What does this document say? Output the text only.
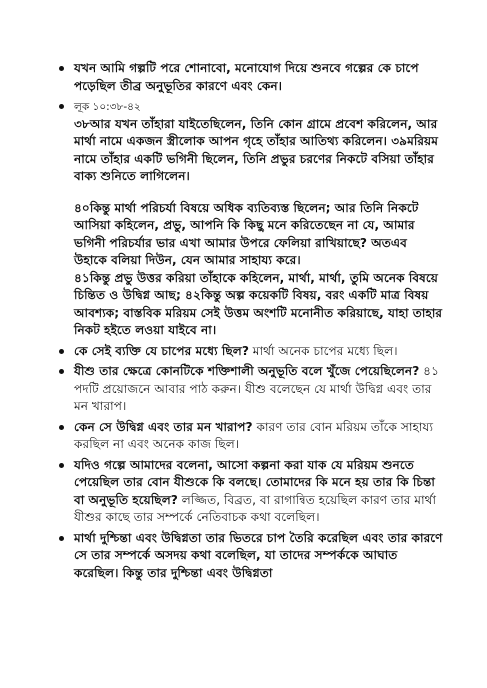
যখন আমি গল্পটি পরে শোনাবো, মনোযোগ দিয়ে শুনবে গল্পের কে চাপে পড়েছিল তীব্র অনুভূতির কারণে এবং কেন।
লূক ১০:৩৮-৪২

৩৮আর যখন তাঁহারা যাইতেছিলেন, তিনি কোন গ্রামে প্রবেশ করিলেন, আর মার্থা নামে একজন স্ত্রীলোক আপন গৃহে তাঁহার আতিথ্য করিলেন। ৩৯মরিয়ম নামে তাঁহার একটি ভগিনী ছিলেন, তিনি প্রভুর চরণের নিকটে বসিয়া তাঁহার বাক্য শুনিতে লাগিলেন।

৪০কিন্তু মার্থা পরিচর্যা বিষয়ে অধিক ব্যতিব্যস্ত ছিলেন; আর তিনি নিকটে আসিয়া কহিলেন, প্রভু, আপনি কি কিছু মনে করিতেছেন না যে, আমার ভগিনী পরিচর্যার ভার এখা আমার উপরে ফেলিয়া রাখিয়াছে? অতএব উহাকে বলিয়া দিউন, যেন আমার সাহায্য করে।

৪১কিন্তু প্রভু উত্তর করিয়া তাঁহাকে কহিলেন, মার্থা, মার্থা, তুমি অনেক বিষয়ে চিন্তিত ও উদ্বিগ্ন আছ; ৪২কিন্তু অল্প কয়েকটি বিষয়, বরং একটি মাত্র বিষয় আবশ্যক; বাস্তবিক মরিয়ম সেই উত্তম অংশটি মনোনীত করিয়াছে, যাহা তাহার নিকট হইতে লওয়া যাইবে না।

কে সেই ব্যক্তি যে চাপের মধ্যে ছিল? মার্থা অনেক চাপের মধ্যে ছিল।
যীশু তার ক্ষেত্রে কোনটিকে শক্তিশালী অনুভূতি বলে খুঁজে পেয়েছিলেন? ৪১ পদটি প্রয়োজনে আবার পাঠ করুন। যীশু বলেছেন যে মার্থা উদ্বিগ্ন এবং তার মন খারাপ।
কেন সে উদ্বিগ্ন এবং তার মন খারাপ? কারণ তার বোন মরিয়ম তাঁকে সাহায্য করছিল না এবং অনেক কাজ ছিল।
যদিও গল্পে আমাদের বলেনা, আসো কল্পনা করা যাক যে মরিয়ম শুনতে পেয়েছিল তার বোন যীশুকে কি বলছে। তোমাদের কি মনে হয় তার কি চিন্তা বা অনুভূতি হয়েছিল? লজ্জিত, বিব্রত, বা রাগান্বিত হয়েছিল কারণ তার মার্থা যীশুর কাছে তার সম্পর্কে নেতিবাচক কথা বলেছিল।
মার্থা দুশ্চিন্তা এবং উদ্বিগ্নতা তার ভিতরে চাপ তৈরি করেছিল এবং তার কারণে সে তার সম্পর্কে অসদয় কথা বলেছিল, যা তাদের সম্পর্ককে আঘাত করেছিল। কিন্তু তার দুশ্চিন্তা এবং উদ্বিগ্নতা
